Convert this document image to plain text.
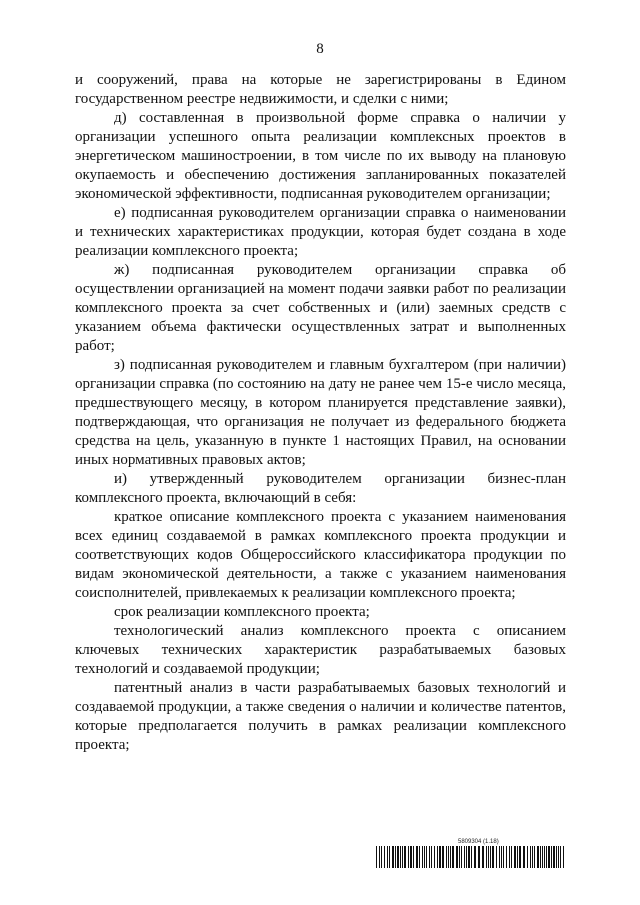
8

и сооружений, права на которые не зарегистрированы в Едином государственном реестре недвижимости, и сделки с ними;

д) составленная в произвольной форме справка о наличии у организации успешного опыта реализации комплексных проектов в энергетическом машиностроении, в том числе по их выводу на плановую окупаемость и обеспечению достижения запланированных показателей экономической эффективности, подписанная руководителем организации;

е) подписанная руководителем организации справка о наименовании и технических характеристиках продукции, которая будет создана в ходе реализации комплексного проекта;

ж) подписанная руководителем организации справка об осуществлении организацией на момент подачи заявки работ по реализации комплексного проекта за счет собственных и (или) заемных средств с указанием объема фактически осуществленных затрат и выполненных работ;

з) подписанная руководителем и главным бухгалтером (при наличии) организации справка (по состоянию на дату не ранее чем 15-е число месяца, предшествующего месяцу, в котором планируется представление заявки), подтверждающая, что организация не получает из федерального бюджета средства на цель, указанную в пункте 1 настоящих Правил, на основании иных нормативных правовых актов;

и) утвержденный руководителем организации бизнес-план комплексного проекта, включающий в себя:

краткое описание комплексного проекта с указанием наименования всех единиц создаваемой в рамках комплексного проекта продукции и соответствующих кодов Общероссийского классификатора продукции по видам экономической деятельности, а также с указанием наименования соисполнителей, привлекаемых к реализации комплексного проекта;

срок реализации комплексного проекта;

технологический анализ комплексного проекта с описанием ключевых технических характеристик разрабатываемых базовых технологий и создаваемой продукции;

патентный анализ в части разрабатываемых базовых технологий и создаваемой продукции, а также сведения о наличии и количестве патентов, которые предполагается получить в рамках реализации комплексного проекта;

5809304 (1.18)
